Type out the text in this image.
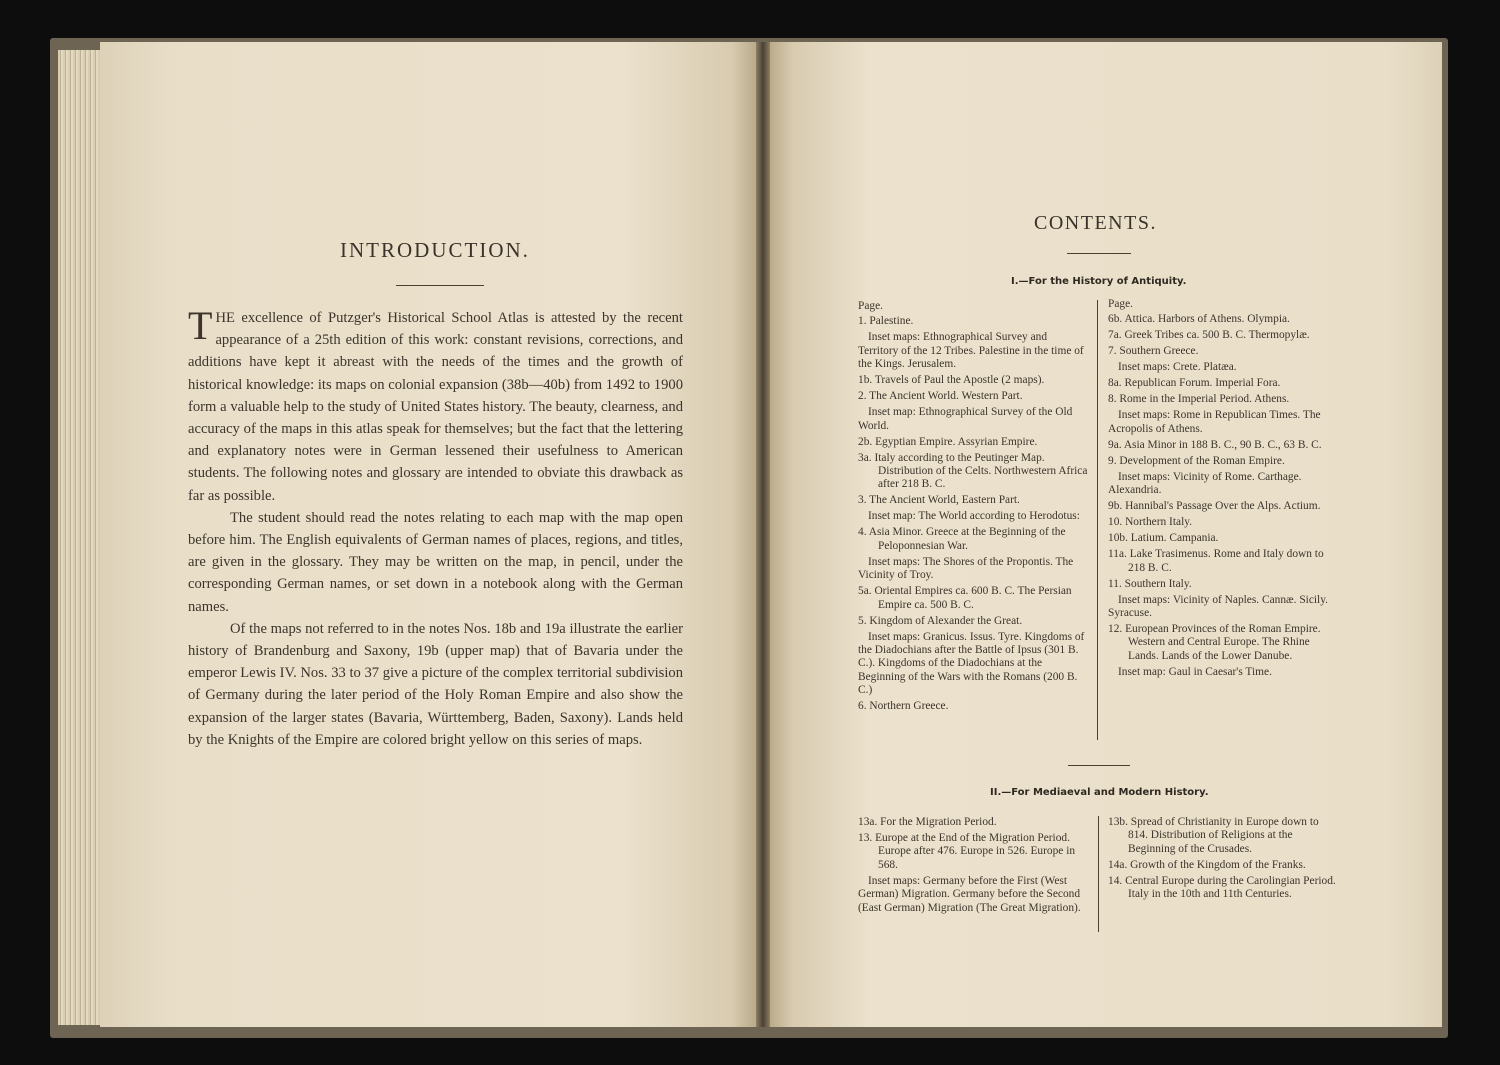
INTRODUCTION.

THE excellence of Putzger's Historical School Atlas is attested by the recent appearance of a 25th edition of this work: constant revisions, corrections, and additions have kept it abreast with the needs of the times and the growth of historical knowledge: its maps on colonial expansion (38b—40b) from 1492 to 1900 form a valuable help to the study of United States history. The beauty, clearness, and accuracy of the maps in this atlas speak for themselves; but the fact that the lettering and explanatory notes were in German lessened their usefulness to American students. The following notes and glossary are intended to obviate this drawback as far as possible.

The student should read the notes relating to each map with the map open before him. The English equivalents of German names of places, regions, and titles, are given in the glossary. They may be written on the map, in pencil, under the corresponding German names, or set down in a notebook along with the German names.

Of the maps not referred to in the notes Nos. 18b and 19a illustrate the earlier history of Brandenburg and Saxony, 19b (upper map) that of Bavaria under the emperor Lewis IV. Nos. 33 to 37 give a picture of the complex territorial subdivision of Germany during the later period of the Holy Roman Empire and also show the expansion of the larger states (Bavaria, Württemberg, Baden, Saxony). Lands held by the Knights of the Empire are colored bright yellow on this series of maps.

CONTENTS.
I.—For the History of Antiquity.
Page.
1. Palestine.
Inset maps: Ethnographical Survey and Territory of the 12 Tribes. Palestine in the time of the Kings. Jerusalem.
1b. Travels of Paul the Apostle (2 maps).
2. The Ancient World. Western Part.
Inset map: Ethnographical Survey of the Old World.
2b. Egyptian Empire. Assyrian Empire.
3a. Italy according to the Peutinger Map. Distribution of the Celts. Northwestern Africa after 218 B. C.
3. The Ancient World, Eastern Part.
Inset map: The World according to Herodotus:
4. Asia Minor. Greece at the Beginning of the Peloponnesian War.
Inset maps: The Shores of the Propontis. The Vicinity of Troy.
5a. Oriental Empires ca. 600 B. C. The Persian Empire ca. 500 B. C.
5. Kingdom of Alexander the Great.
Inset maps: Granicus. Issus. Tyre. Kingdoms of the Diadochians after the Battle of Ipsus (301 B. C.). Kingdoms of the Diadochians at the Beginning of the Wars with the Romans (200 B. C.)
6. Northern Greece.
Page.
6b. Attica. Harbors of Athens. Olympia.
7a. Greek Tribes ca. 500 B. C. Thermopylæ.
7. Southern Greece.
Inset maps: Crete. Platæa.
8a. Republican Forum. Imperial Fora.
8. Rome in the Imperial Period. Athens.
Inset maps: Rome in Republican Times. The Acropolis of Athens.
9a. Asia Minor in 188 B. C., 90 B. C., 63 B. C.
9. Development of the Roman Empire.
Inset maps: Vicinity of Rome. Carthage. Alexandria.
9b. Hannibal's Passage Over the Alps. Actium.
10. Northern Italy.
10b. Latium. Campania.
11a. Lake Trasimenus. Rome and Italy down to 218 B. C.
11. Southern Italy.
Inset maps: Vicinity of Naples. Cannæ. Sicily. Syracuse.
12. European Provinces of the Roman Empire. Western and Central Europe. The Rhine Lands. Lands of the Lower Danube.
Inset map: Gaul in Caesar's Time.
II.—For Mediaeval and Modern History.
13a. For the Migration Period.
13. Europe at the End of the Migration Period. Europe after 476. Europe in 526. Europe in 568.
Inset maps: Germany before the First (West German) Migration. Germany before the Second (East German) Migration (The Great Migration).
13b. Spread of Christianity in Europe down to 814. Distribution of Religions at the Beginning of the Crusades.
14a. Growth of the Kingdom of the Franks.
14. Central Europe during the Carolingian Period. Italy in the 10th and 11th Centuries.
